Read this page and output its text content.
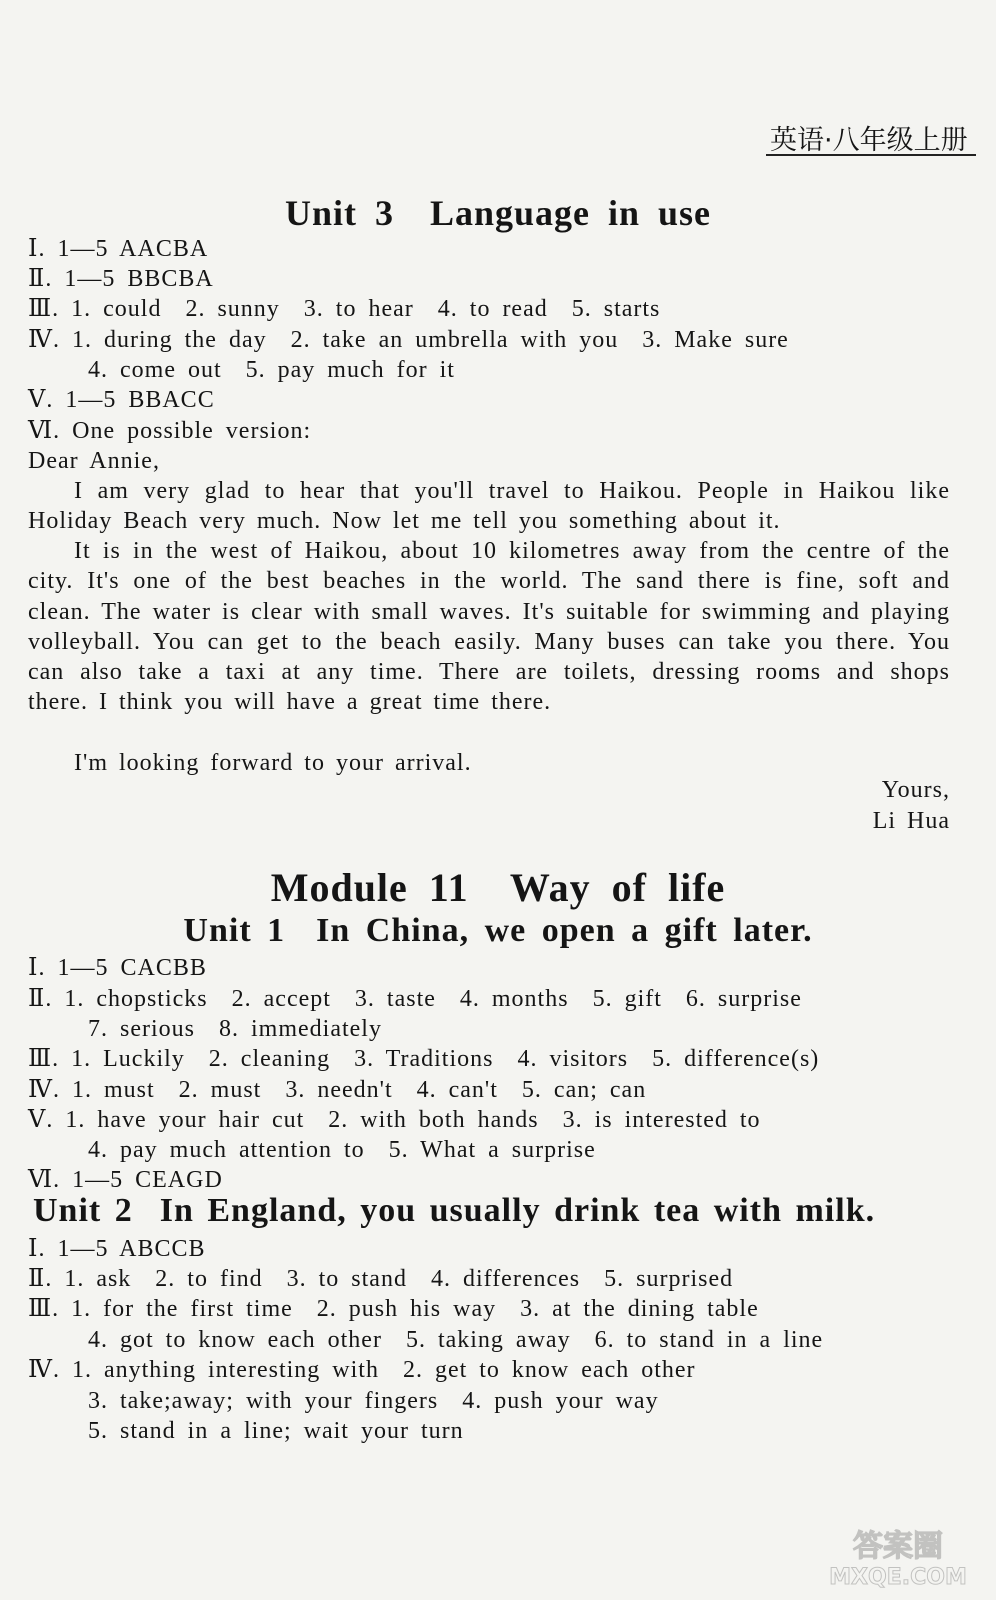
英语·八年级上册
Unit 3  Language in use
Ⅰ. 1—5 AACBA
Ⅱ. 1—5 BBCBA
Ⅲ. 1. could  2. sunny  3. to hear  4. to read  5. starts
Ⅳ. 1. during the day  2. take an umbrella with you  3. Make sure
4. come out  5. pay much for it
Ⅴ. 1—5 BBACC
Ⅵ. One possible version:
Dear Annie,
I am very glad to hear that you'll travel to Haikou. People in Haikou like Holiday Beach very much. Now let me tell you something about it.
It is in the west of Haikou, about 10 kilometres away from the centre of the city. It's one of the best beaches in the world. The sand there is fine, soft and clean. The water is clear with small waves. It's suitable for swimming and playing volleyball. You can get to the beach easily. Many buses can take you there. You can also take a taxi at any time. There are toilets, dressing rooms and shops there. I think you will have a great time there.
I'm looking forward to your arrival.
Yours,
Li Hua
Module 11  Way of life
Unit 1  In China, we open a gift later.
Ⅰ. 1—5 CACBB
Ⅱ. 1. chopsticks  2. accept  3. taste  4. months  5. gift  6. surprise
7. serious  8. immediately
Ⅲ. 1. Luckily  2. cleaning  3. Traditions  4. visitors  5. difference(s)
Ⅳ. 1. must  2. must  3. needn't  4. can't  5. can; can
Ⅴ. 1. have your hair cut  2. with both hands  3. is interested to
4. pay much attention to  5. What a surprise
Ⅵ. 1—5 CEAGD
Unit 2  In England, you usually drink tea with milk.
Ⅰ. 1—5 ABCCB
Ⅱ. 1. ask  2. to find  3. to stand  4. differences  5. surprised
Ⅲ. 1. for the first time  2. push his way  3. at the dining table
4. got to know each other  5. taking away  6. to stand in a line
Ⅳ. 1. anything interesting with  2. get to know each other
3. take;away; with your fingers  4. push your way
5. stand in a line; wait your turn
答案圈
MXQE.COM
